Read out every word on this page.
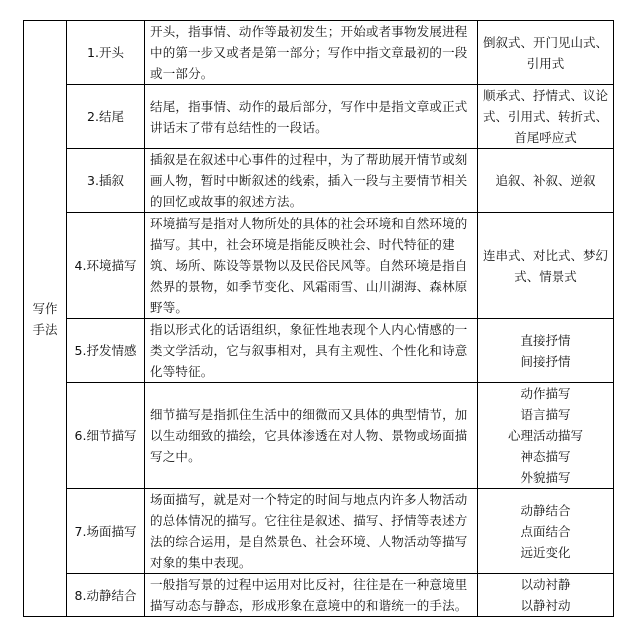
写作
手法	1.开头	开头，指事情、动作等最初发生；开始或者事物发展进程中的第一步又或者是第一部分；写作中指文章最初的一段或一部分。	倒叙式、开门见山式、引用式
	2.结尾	结尾，指事情、动作的最后部分，写作中是指文章或正式讲话末了带有总结性的一段话。	顺承式、抒情式、议论式、引用式、转折式、首尾呼应式
	3.插叙	插叙是在叙述中心事件的过程中，为了帮助展开情节或刻画人物，暂时中断叙述的线索，插入一段与主要情节相关的回忆或故事的叙述方法。	追叙、补叙、逆叙
	4.环境描写	环境描写是指对人物所处的具体的社会环境和自然环境的描写。其中，社会环境是指能反映社会、时代特征的建筑、场所、陈设等景物以及民俗民风等。自然环境是指自然界的景物，如季节变化、风霜雨雪、山川湖海、森林原野等。	连串式、对比式、梦幻式、情景式
	5.抒发情感	指以形式化的话语组织，象征性地表现个人内心情感的一类文学活动，它与叙事相对，具有主观性、个性化和诗意化等特征。	直接抒情
间接抒情

	6.细节描写	细节描写是指抓住生活中的细微而又具体的典型情节，加以生动细致的描绘，它具体渗透在对人物、景物或场面描写之中。	动作描写
语言描写
心理活动描写
神态描写
外貌描写

	7.场面描写	场面描写，就是对一个特定的时间与地点内许多人物活动的总体情况的描写。它往往是叙述、描写、抒情等表述方法的综合运用，是自然景色、社会环境、人物活动等描写对象的集中表现。	动静结合
点面结合
远近变化

	8.动静结合	一般指写景的过程中运用对比反衬，往往是在一种意境里描写动态与静态，形成形象在意境中的和谐统一的手法。	以动衬静
以静衬动
